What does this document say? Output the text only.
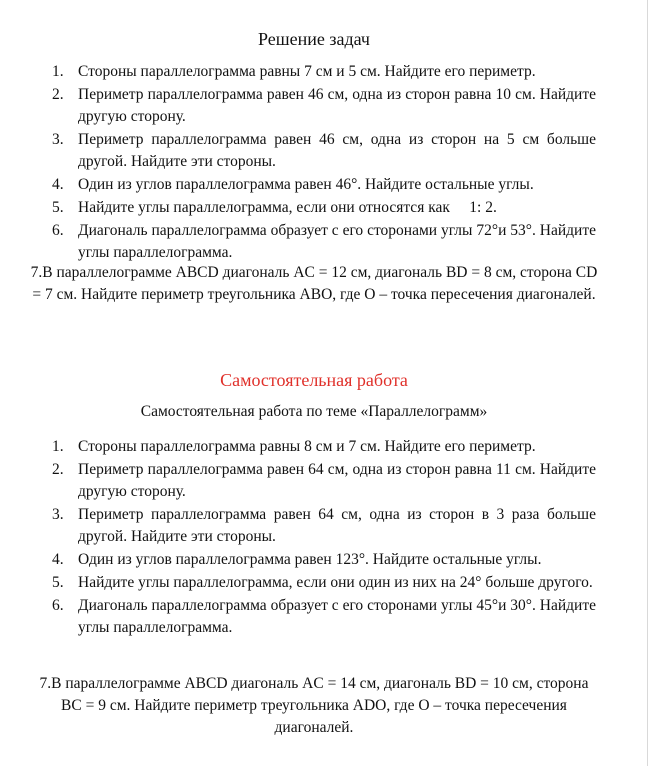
Решение задач
1. Стороны параллелограмма равны 7 см и 5 см. Найдите его периметр.
2. Периметр параллелограмма равен 46 см, одна из сторон равна 10 см. Найдите другую сторону.
3. Периметр параллелограмма равен 46 см, одна из сторон на 5 см больше другой. Найдите эти стороны.
4. Один из углов параллелограмма равен 46°. Найдите остальные углы.
5. Найдите углы параллелограмма, если они относятся как     1: 2.
6. Диагональ параллелограмма образует с его сторонами углы 72°и 53°. Найдите углы параллелограмма.
7.В параллелограмме ABCD диагональ AC = 12 см, диагональ BD = 8 см, сторона CD = 7 см. Найдите периметр треугольника ABO, где O – точка пересечения диагоналей.
Самостоятельная работа
Самостоятельная работа по теме «Параллелограмм»
1. Стороны параллелограмма равны 8 см и 7 см. Найдите его периметр.
2. Периметр параллелограмма равен 64 см, одна из сторон равна 11 см. Найдите другую сторону.
3. Периметр параллелограмма равен 64 см, одна из сторон в 3 раза больше другой. Найдите эти стороны.
4. Один из углов параллелограмма равен 123°. Найдите остальные углы.
5. Найдите углы параллелограмма, если они один из них на 24° больше другого.
6. Диагональ параллелограмма образует с его сторонами углы 45°и 30°. Найдите углы параллелограмма.
7.В параллелограмме ABCD диагональ AC = 14 см, диагональ BD = 10 см, сторона BC = 9 см. Найдите периметр треугольника ADO, где O – точка пересечения диагоналей.
